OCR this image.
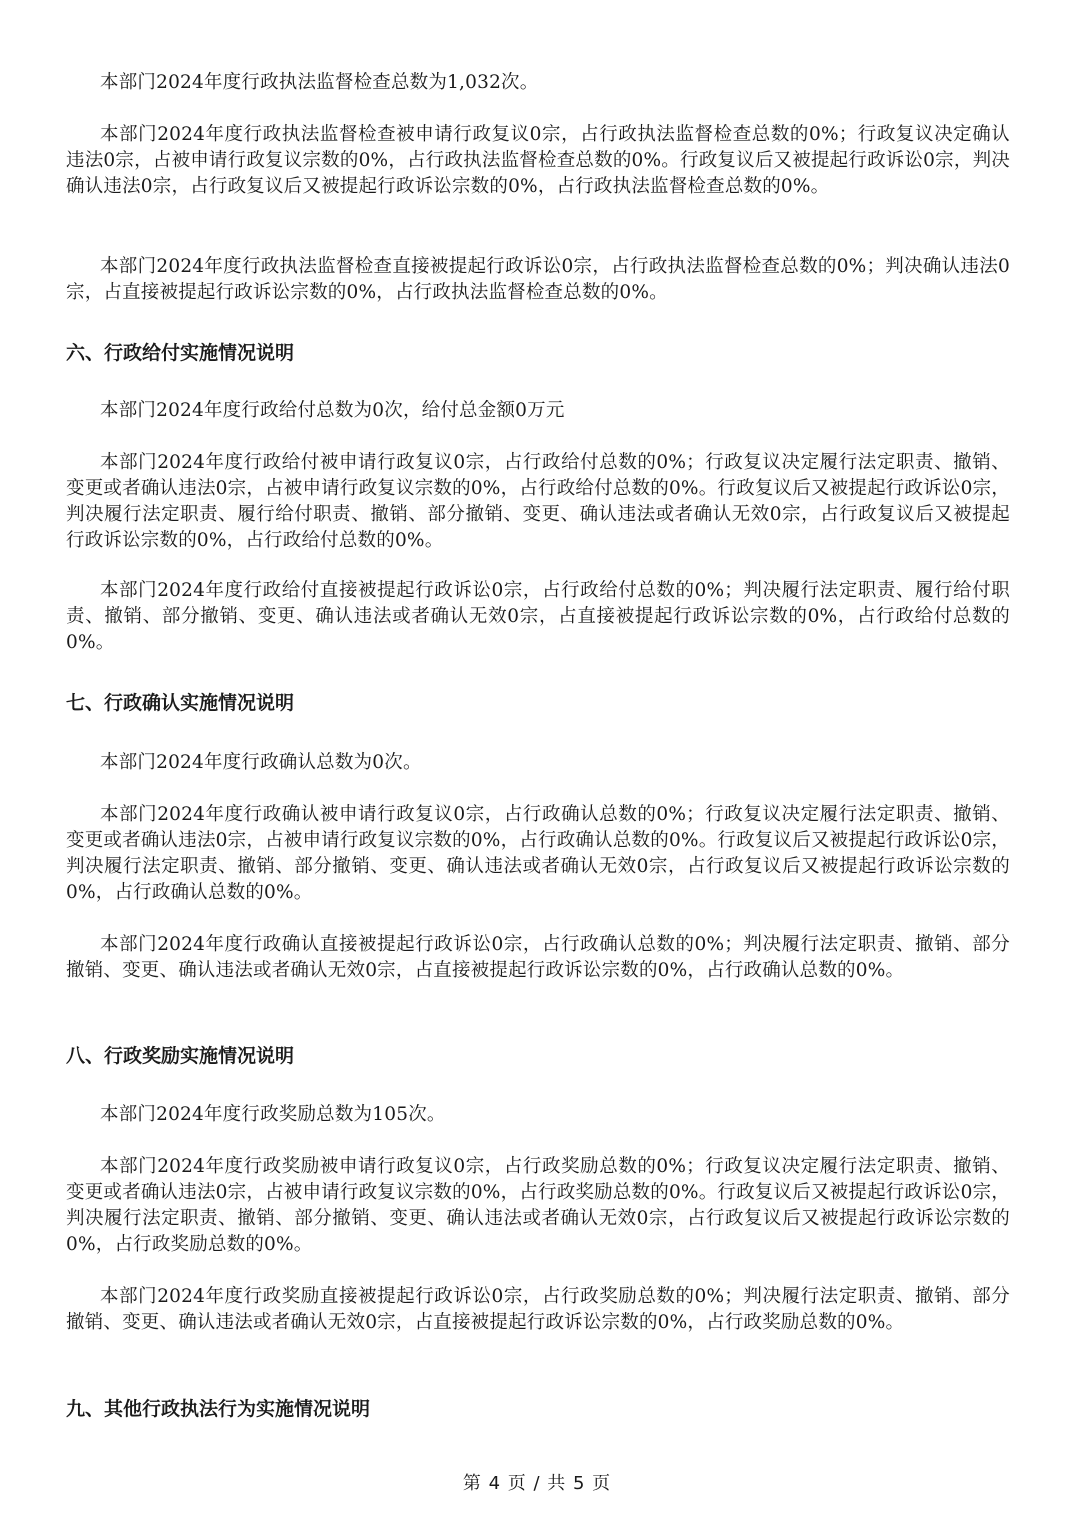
本部门2024年度行政执法监督检查总数为1,032次。

本部门2024年度行政执法监督检查被申请行政复议0宗，占行政执法监督检查总数的0%；行政复议决定确认违法0宗，占被申请行政复议宗数的0%，占行政执法监督检查总数的0%。行政复议后又被提起行政诉讼0宗，判决确认违法0宗，占行政复议后又被提起行政诉讼宗数的0%，占行政执法监督检查总数的0%。

本部门2024年度行政执法监督检查直接被提起行政诉讼0宗，占行政执法监督检查总数的0%；判决确认违法0宗，占直接被提起行政诉讼宗数的0%，占行政执法监督检查总数的0%。

六、行政给付实施情况说明

本部门2024年度行政给付总数为0次，给付总金额0万元

本部门2024年度行政给付被申请行政复议0宗，占行政给付总数的0%；行政复议决定履行法定职责、撤销、变更或者确认违法0宗，占被申请行政复议宗数的0%，占行政给付总数的0%。行政复议后又被提起行政诉讼0宗，判决履行法定职责、履行给付职责、撤销、部分撤销、变更、确认违法或者确认无效0宗，占行政复议后又被提起行政诉讼宗数的0%，占行政给付总数的0%。

本部门2024年度行政给付直接被提起行政诉讼0宗，占行政给付总数的0%；判决履行法定职责、履行给付职责、撤销、部分撤销、变更、确认违法或者确认无效0宗，占直接被提起行政诉讼宗数的0%，占行政给付总数的0%。

七、行政确认实施情况说明

本部门2024年度行政确认总数为0次。

本部门2024年度行政确认被申请行政复议0宗，占行政确认总数的0%；行政复议决定履行法定职责、撤销、变更或者确认违法0宗，占被申请行政复议宗数的0%，占行政确认总数的0%。行政复议后又被提起行政诉讼0宗，判决履行法定职责、撤销、部分撤销、变更、确认违法或者确认无效0宗，占行政复议后又被提起行政诉讼宗数的0%，占行政确认总数的0%。

本部门2024年度行政确认直接被提起行政诉讼0宗，占行政确认总数的0%；判决履行法定职责、撤销、部分撤销、变更、确认违法或者确认无效0宗，占直接被提起行政诉讼宗数的0%，占行政确认总数的0%。

八、行政奖励实施情况说明

本部门2024年度行政奖励总数为105次。

本部门2024年度行政奖励被申请行政复议0宗，占行政奖励总数的0%；行政复议决定履行法定职责、撤销、变更或者确认违法0宗，占被申请行政复议宗数的0%，占行政奖励总数的0%。行政复议后又被提起行政诉讼0宗，判决履行法定职责、撤销、部分撤销、变更、确认违法或者确认无效0宗，占行政复议后又被提起行政诉讼宗数的0%，占行政奖励总数的0%。

本部门2024年度行政奖励直接被提起行政诉讼0宗，占行政奖励总数的0%；判决履行法定职责、撤销、部分撤销、变更、确认违法或者确认无效0宗，占直接被提起行政诉讼宗数的0%，占行政奖励总数的0%。

九、其他行政执法行为实施情况说明
第 4 页 / 共 5 页
